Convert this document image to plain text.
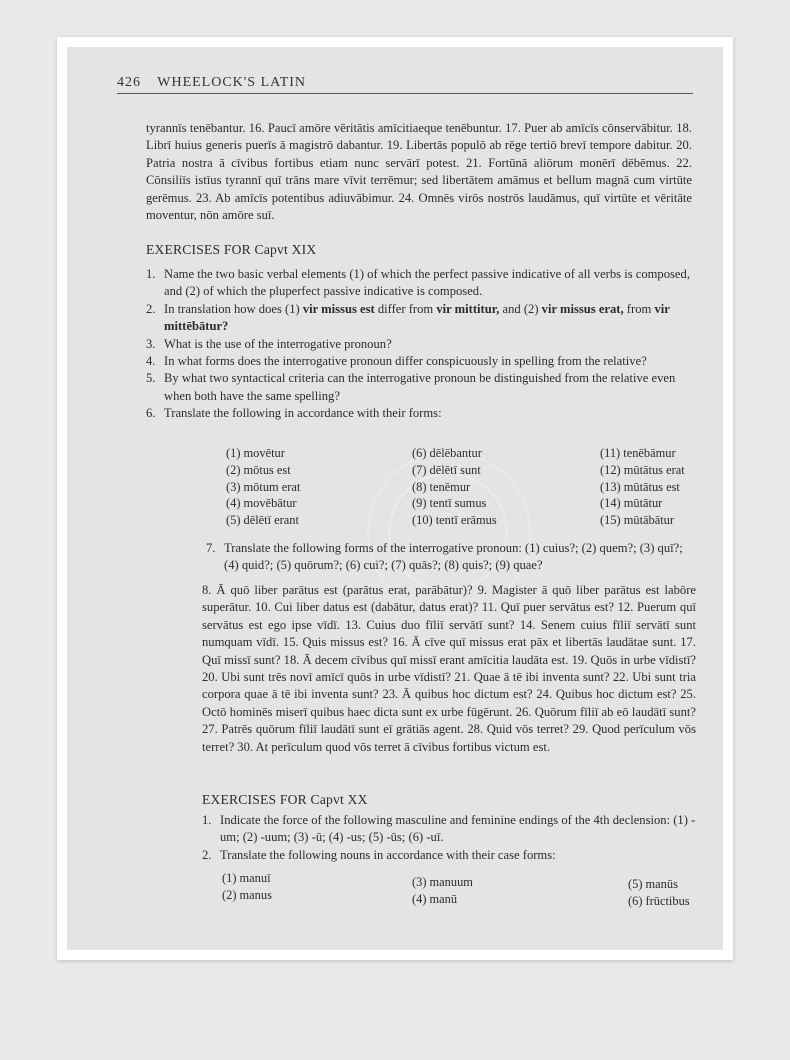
426 WHEELOCK'S LATIN

tyrannīs tenēbantur. 16. Paucī amōre vēritātis amīcitiaeque tenēbuntur. 17. Puer ab amīcīs cōnservābitur. 18. Librī huius generis puerīs ā magistrō dabantur. 19. Libertās populō ab rēge tertiō brevī tempore dabitur. 20. Patria nostra ā cīvibus fortibus etiam nunc servārī potest. 21. Fortūnā aliōrum monērī dēbēmus. 22. Cōnsiliīs istīus tyrannī quī trāns mare vīvit terrēmur; sed libertātem amāmus et bellum magnā cum virtūte gerēmus. 23. Ab amīcīs potentibus adiuvābimur. 24. Omnēs virōs nostrōs laudāmus, quī virtūte et vēritāte moventur, nōn amōre suī.

EXERCISES FOR Capvt XIX
1. Name the two basic verbal elements (1) of which the perfect passive indicative of all verbs is composed, and (2) of which the pluperfect passive indicative is composed.
2. In translation how does (1) vir missus est differ from vir mittitur, and (2) vir missus erat, from vir mittēbātur?
3. What is the use of the interrogative pronoun?
4. In what forms does the interrogative pronoun differ conspicuously in spelling from the relative?
5. By what two syntactical criteria can the interrogative pronoun be distinguished from the relative even when both have the same spelling?
6. Translate the following in accordance with their forms:
(1) movētur
(2) mōtus est
(3) mōtum erat
(4) movēbātur
(5) dēlētī erant
(6) dēlēbantur
(7) dēlētī sunt
(8) tenēmur
(9) tentī sumus
(10) tentī erāmus
(11) tenēbāmur
(12) mūtātus erat
(13) mūtātus est
(14) mūtātur
(15) mūtābātur
7. Translate the following forms of the interrogative pronoun: (1) cuius?; (2) quem?; (3) quī?; (4) quid?; (5) quōrum?; (6) cui?; (7) quās?; (8) quis?; (9) quae?

8. Ā quō liber parātus est (parātus erat, parābātur)? 9. Magister ā quō liber parātus est labōre superātur. 10. Cui liber datus est (dabātur, datus erat)? 11. Quī puer servātus est? 12. Puerum quī servātus est ego ipse vīdī. 13. Cuius duo fīliī servātī sunt? 14. Senem cuius fīliī servātī sunt numquam vīdī. 15. Quis missus est? 16. Ā cīve quī missus erat pāx et libertās laudātae sunt. 17. Quī missī sunt? 18. Ā decem cīvibus quī missī erant amīcitia laudāta est. 19. Quōs in urbe vīdistī? 20. Ubi sunt trēs novī amīcī quōs in urbe vīdistī? 21. Quae ā tē ibi inventa sunt? 22. Ubi sunt tria corpora quae ā tē ibi inventa sunt? 23. Ā quibus hoc dictum est? 24. Quibus hoc dictum est? 25. Octō hominēs miserī quibus haec dicta sunt ex urbe fūgērunt. 26. Quōrum fīliī ab eō laudātī sunt? 27. Patrēs quōrum fīliī laudātī sunt eī grātiās agent. 28. Quid vōs terret? 29. Quod perīculum vōs terret? 30. At perīculum quod vōs terret ā cīvibus fortibus victum est.

EXERCISES FOR Capvt XX
1. Indicate the force of the following masculine and feminine endings of the 4th declension: (1) -um; (2) -uum; (3) -ū; (4) -us; (5) -ūs; (6) -uī.
2. Translate the following nouns in accordance with their case forms:
(1) manuī
(2) manus
(3) manuum
(4) manū
(5) manūs
(6) frūctibus
